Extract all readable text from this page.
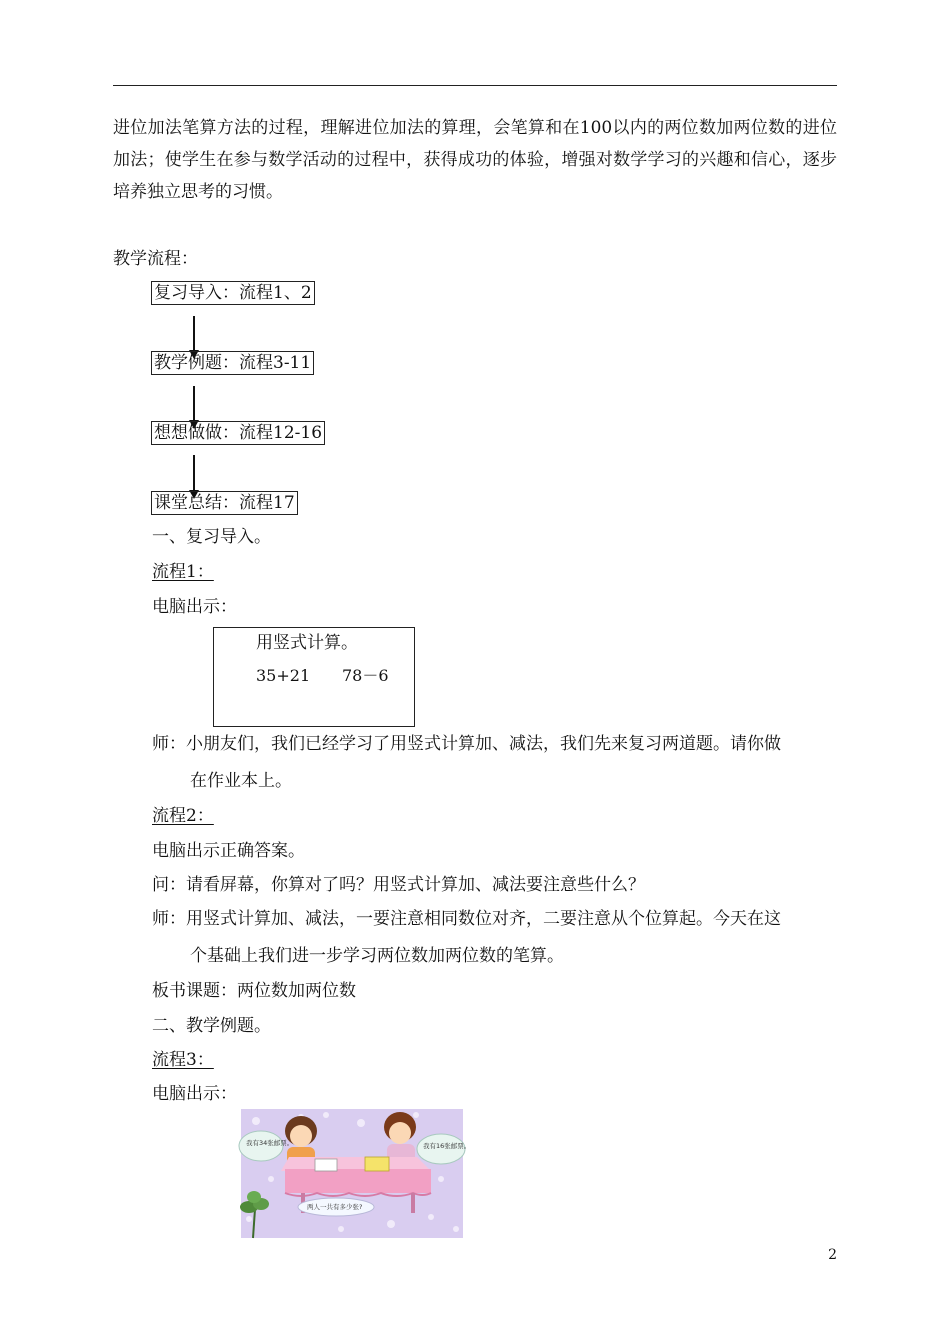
进位加法笔算方法的过程，理解进位加法的算理，会笔算和在100以内的两位数加两位数的进位加法；使学生在参与数学活动的过程中，获得成功的体验，增强对数学学习的兴趣和信心，逐步培养独立思考的习惯。
教学流程：
复习导入：流程1、2
教学例题：流程3-11
想想做做：流程12-16
课堂总结：流程17
一、复习导入。
流程1：
电脑出示：
用竖式计算。
35+21 78－6
师：小朋友们，我们已经学习了用竖式计算加、减法，我们先来复习两道题。请你做
在作业本上。
流程2：
电脑出示正确答案。
问：请看屏幕，你算对了吗？用竖式计算加、减法要注意些什么？
师：用竖式计算加、减法，一要注意相同数位对齐，二要注意从个位算起。今天在这
个基础上我们进一步学习两位数加两位数的笔算。
板书课题：两位数加两位数
二、教学例题。
流程3：
电脑出示：
我有34张邮票。	我有16张邮票。
两人一共有多少张?
2
